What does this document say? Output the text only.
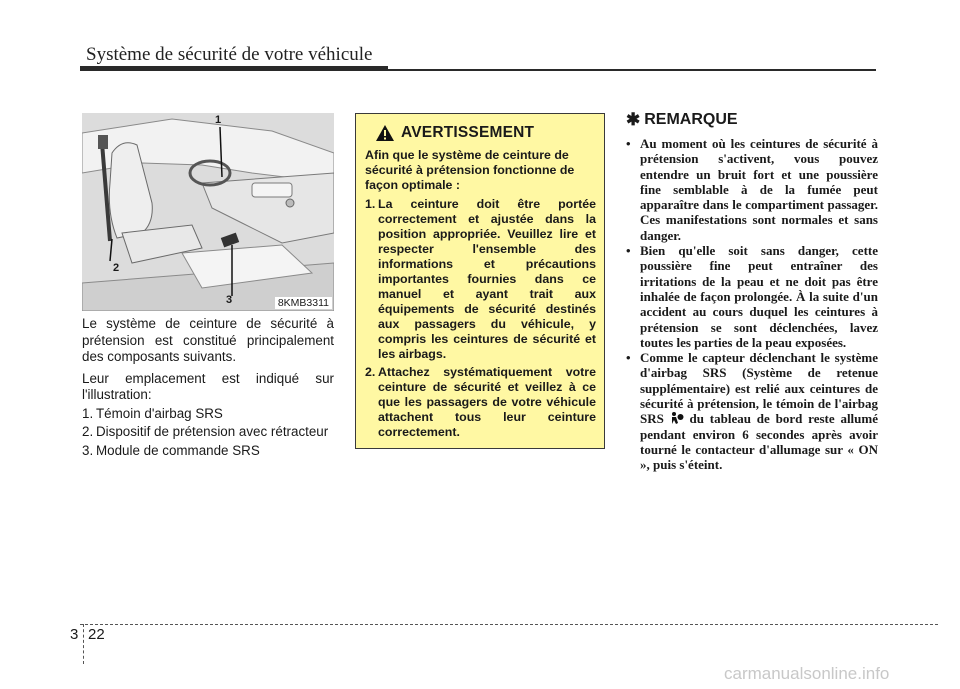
Système de sécurité de votre véhicule
1
2
3	8KMB3311

Le système de ceinture de sécurité à prétension est constitué principalement des composants suivants.

Leur emplacement est indiqué sur l'illustration:

1. Témoin d'airbag SRS
2. Dispositif de prétension avec rétracteur
3. Module de commande SRS
AVERTISSEMENT

Afin que le système de ceinture de sécurité à prétension fonctionne de façon optimale :

1. La ceinture doit être portée correctement et ajustée dans la position appropriée. Veuillez lire et respecter l'ensemble des informations et précautions importantes fournies dans ce manuel et ayant trait aux équipements de sécurité destinés aux passagers du véhicule, y compris les ceintures de sécurité et les airbags.
2. Attachez systématiquement votre ceinture de sécurité et veillez à ce que les passagers de votre véhicule attachent tous leur ceinture correctement.
✱ REMARQUE
• Au moment où les ceintures de sécurité à prétension s'activent, vous pouvez entendre un bruit fort et une poussière fine semblable à de la fumée peut apparaître dans le compartiment passager. Ces manifestations sont normales et sans danger.
• Bien qu'elle soit sans danger, cette poussière fine peut entraîner des irritations de la peau et ne doit pas être inhalée de façon prolongée. À la suite d'un accident au cours duquel les ceintures à prétension se sont déclenchées, lavez toutes les parties de la peau exposées.
• Comme le capteur déclenchant le système d'airbag SRS (Système de retenue supplémentaire) est relié aux ceintures de sécurité à prétension, le témoin de l'airbag SRS  du tableau de bord reste allumé pendant environ 6 secondes après avoir tourné le contacteur d'allumage sur « ON », puis s'éteint.
3 22
carmanualsonline.info
